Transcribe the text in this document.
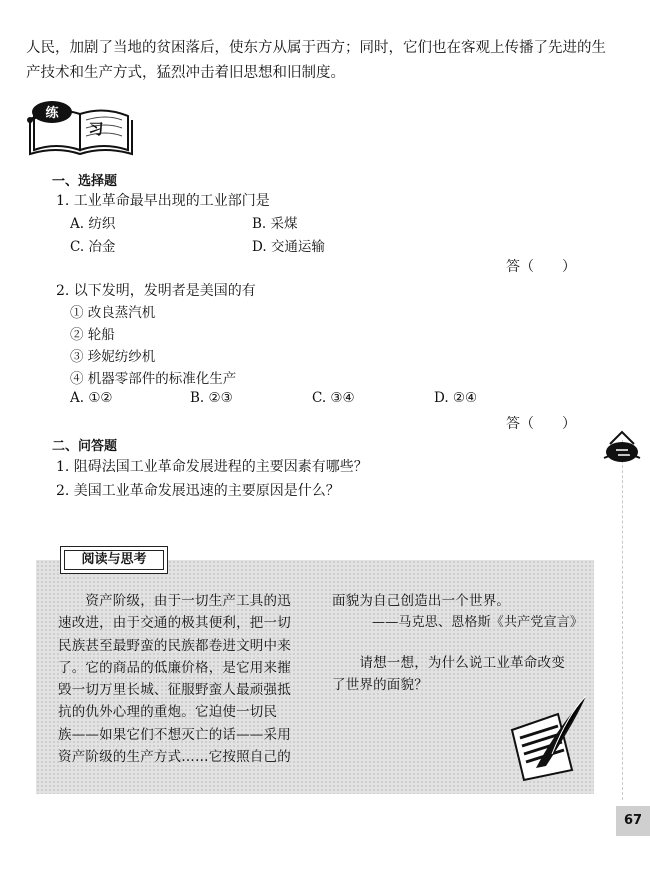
人民，加剧了当地的贫困落后，使东方从属于西方；同时，它们也在客观上传播了先进的生
产技术和生产方式，猛烈冲击着旧思想和旧制度。
练
习
一、选择题
1. 工业革命最早出现的工业部门是
A. 纺织	B. 采煤
C. 冶金	D. 交通运输
答（　　）
2. 以下发明，发明者是美国的有
① 改良蒸汽机
② 轮船
③ 珍妮纺纱机
④ 机器零部件的标准化生产
A. ①②	B. ②③	C. ③④	D. ②④
答（　　）
二、问答题
1. 阻碍法国工业革命发展进程的主要因素有哪些？
2. 美国工业革命发展迅速的主要原因是什么？
阅读与思考
　　资产阶级，由于一切生产工具的迅
速改进，由于交通的极其便利，把一切
民族甚至最野蛮的民族都卷进文明中来
了。它的商品的低廉价格，是它用来摧
毁一切万里长城、征服野蛮人最顽强抵
抗的仇外心理的重炮。它迫使一切民
族——如果它们不想灭亡的话——采用
资产阶级的生产方式……它按照自己的
面貌为自己创造出一个世界。
——马克思、恩格斯《共产党宣言》
　　请想一想，为什么说工业革命改变
了世界的面貌？
67
